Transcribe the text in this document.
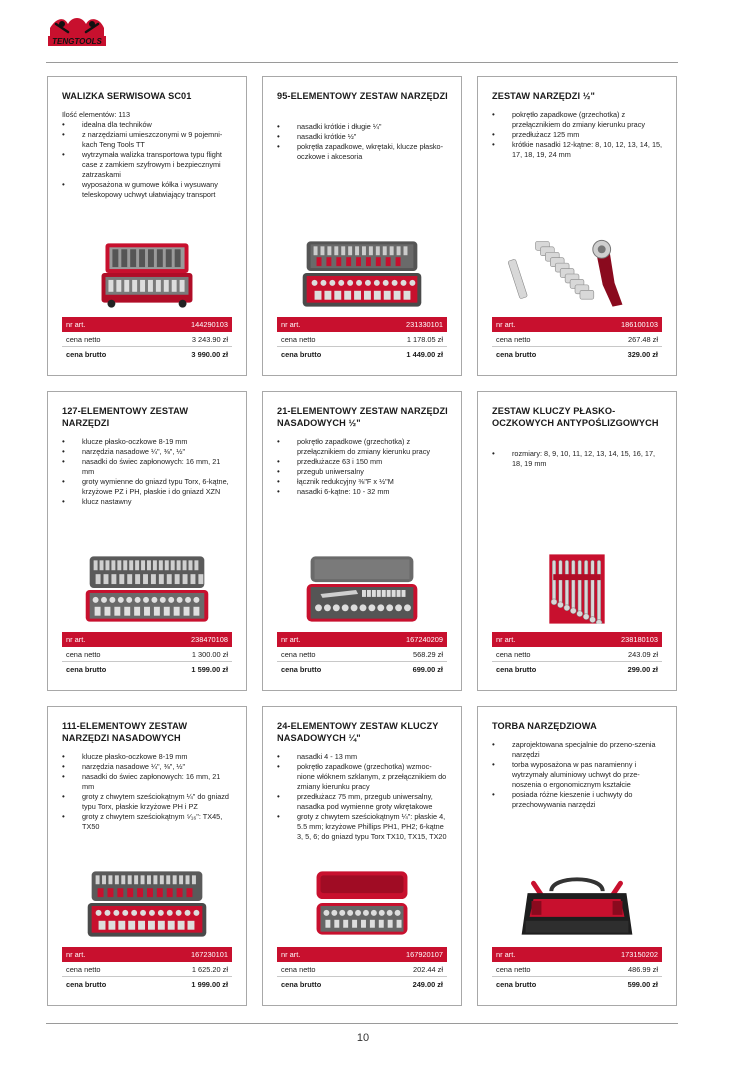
TENGTOOLS
WALIZKA SERWISOWA SC01
Ilość elementów: 113
• idealna dla techników
• z narzędziami umieszczonymi w 9 pojemni-kach Teng Tools TT
• wytrzymała walizka transportowa typu flight case z zamkiem szyfrowym i bezpiecznymi zatrzaskami
• wyposażona w gumowe kółka i wysuwany teleskopowy uchwyt ułatwiający transport
nr art.	144290103
cena netto	3 243.90 zł
cena brutto	3 990.00 zł
95-ELEMENTOWY ZESTAW NARZĘDZI
• nasadki krótkie i długie ¼"
• nasadki krótkie ½"
• pokrętła zapadkowe, wkrętaki, klucze płasko-oczkowe i akcesoria
nr art.	231330101
cena netto	1 178.05 zł
cena brutto	1 449.00 zł
ZESTAW NARZĘDZI ½"
• pokrętło zapadkowe (grzechotka) z przełącznikiem do zmiany kierunku pracy
• przedłużacz 125 mm
• krótkie nasadki 12-kątne: 8, 10, 12, 13, 14, 15, 17, 18, 19, 24 mm
nr art.	186100103
cena netto	267.48 zł
cena brutto	329.00 zł
127-ELEMENTOWY ZESTAW NARZĘDZI
• klucze płasko-oczkowe 8-19 mm
• narzędzia nasadowe ¼", ⅜", ½"
• nasadki do świec zapłonowych: 16 mm, 21 mm
• groty wymienne do gniazd typu Torx, 6-kątne, krzyżowe PZ i PH, płaskie i do gniazd XZN
• klucz nastawny
nr art.	238470108
cena netto	1 300.00 zł
cena brutto	1 599.00 zł
21-ELEMENTOWY ZESTAW NARZĘDZI NASADOWYCH ½"
• pokrętło zapadkowe (grzechotka) z przełącznikiem do zmiany kierunku pracy
• przedłużacze 63 i 150 mm
• przegub uniwersalny
• łącznik redukcyjny ⅜"F x ½"M
• nasadki 6-kątne: 10 - 32 mm
nr art.	167240209
cena netto	568.29 zł
cena brutto	699.00 zł
ZESTAW KLUCZY PŁASKO-OCZKOWYCH ANTYPOŚLIZGOWYCH
• rozmiary: 8, 9, 10, 11, 12, 13, 14, 15, 16, 17, 18, 19 mm
nr art.	238180103
cena netto	243.09 zł
cena brutto	299.00 zł
111-ELEMENTOWY ZESTAW NARZĘDZI NASADOWYCH
• klucze płasko-oczkowe 8-19 mm
• narzędzia nasadowe ¼", ⅜", ½"
• nasadki do świec zapłonowych: 16 mm, 21 mm
• groty z chwytem sześciokątnym ¼" do gniazd typu Torx, płaskie krzyżowe PH i PZ
• groty z chwytem sześciokątnym ⁵⁄₁₆": TX45, TX50
nr art.	167230101
cena netto	1 625.20 zł
cena brutto	1 999.00 zł
24-ELEMENTOWY ZESTAW KLUCZY NASADOWYCH ¼"
• nasadki 4 - 13 mm
• pokrętło zapadkowe (grzechotka) wzmoc-nione włóknem szklanym, z przełącznikiem do zmiany kierunku pracy
• przedłużacz 75 mm, przegub uniwersalny, nasadka pod wymienne groty wkrętakowe
• groty z chwytem sześciokątnym ¼": płaskie 4, 5.5 mm; krzyżowe Phillips PH1, PH2; 6-kątne 3, 5, 6; do gniazd typu Torx TX10, TX15, TX20
nr art.	167920107
cena netto	202.44 zł
cena brutto	249.00 zł
TORBA NARZĘDZIOWA
• zaprojektowana specjalnie do przeno-szenia narzędzi
• torba wyposażona w pas naramienny i wytrzymały aluminiowy uchwyt do prze-noszenia o ergonomicznym kształcie
• posiada różne kieszenie i uchwyty do przechowywania narzędzi
nr art.	173150202
cena netto	486.99 zł
cena brutto	599.00 zł
10
